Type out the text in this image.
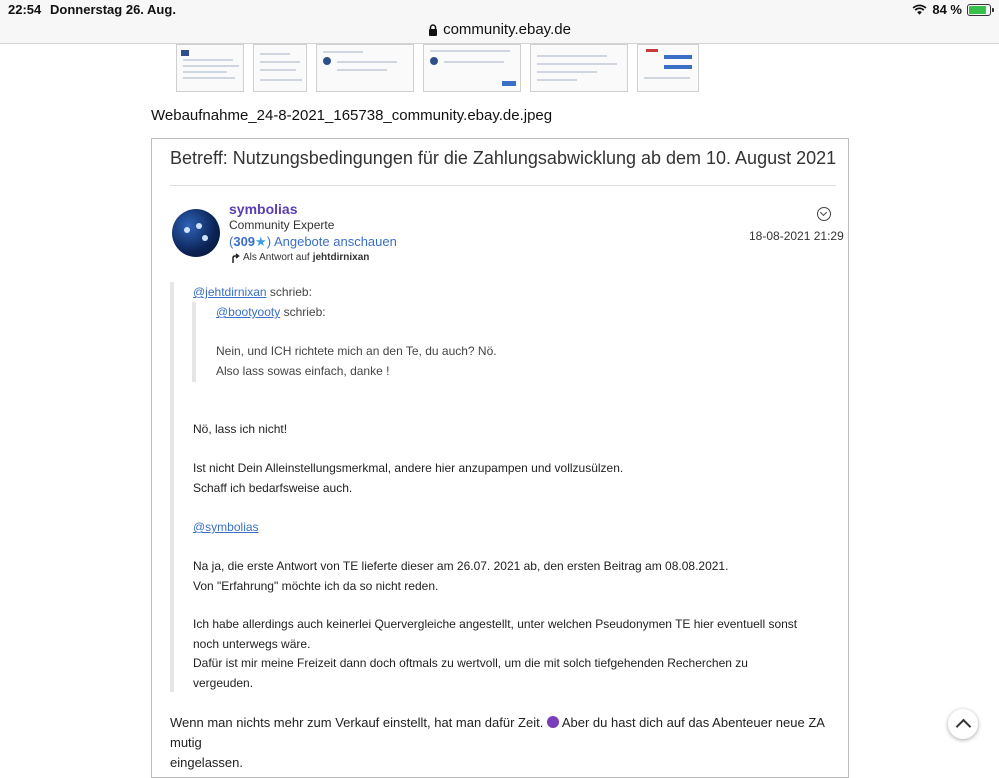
22:54 Donnerstag 26. Aug.	84 %
community.ebay.de
Webaufnahme_24-8-2021_165738_community.ebay.de.jpeg
Betreff: Nutzungsbedingungen für die Zahlungsabwicklung ab dem 10. August 2021
symbolias
Community Experte
(309★) Angebote anschauen
Als Antwort auf jehtdirnixan
18-08-2021 21:29
@jehtdirnixan schrieb:
@bootyooty schrieb:
Nein, und ICH richtete mich an den Te, du auch? Nö.
Also lass sowas einfach, danke !
Nö, lass ich nicht!
Ist nicht Dein Alleinstellungsmerkmal, andere hier anzupampen und vollzusülzen.
Schaff ich bedarfsweise auch.
@symbolias
Na ja, die erste Antwort von TE lieferte dieser am 26.07. 2021 ab, den ersten Beitrag am 08.08.2021.
Von "Erfahrung" möchte ich da so nicht reden.
Ich habe allerdings auch keinerlei Quervergleiche angestellt, unter welchen Pseudonymen TE hier eventuell sonst
noch unterwegs wäre.
Dafür ist mir meine Freizeit dann doch oftmals zu wertvoll, um die mit solch tiefgehenden Recherchen zu
vergeuden.
Wenn man nichts mehr zum Verkauf einstellt, hat man dafür Zeit. Aber du hast dich auf das Abenteuer neue ZA mutig
eingelassen.
